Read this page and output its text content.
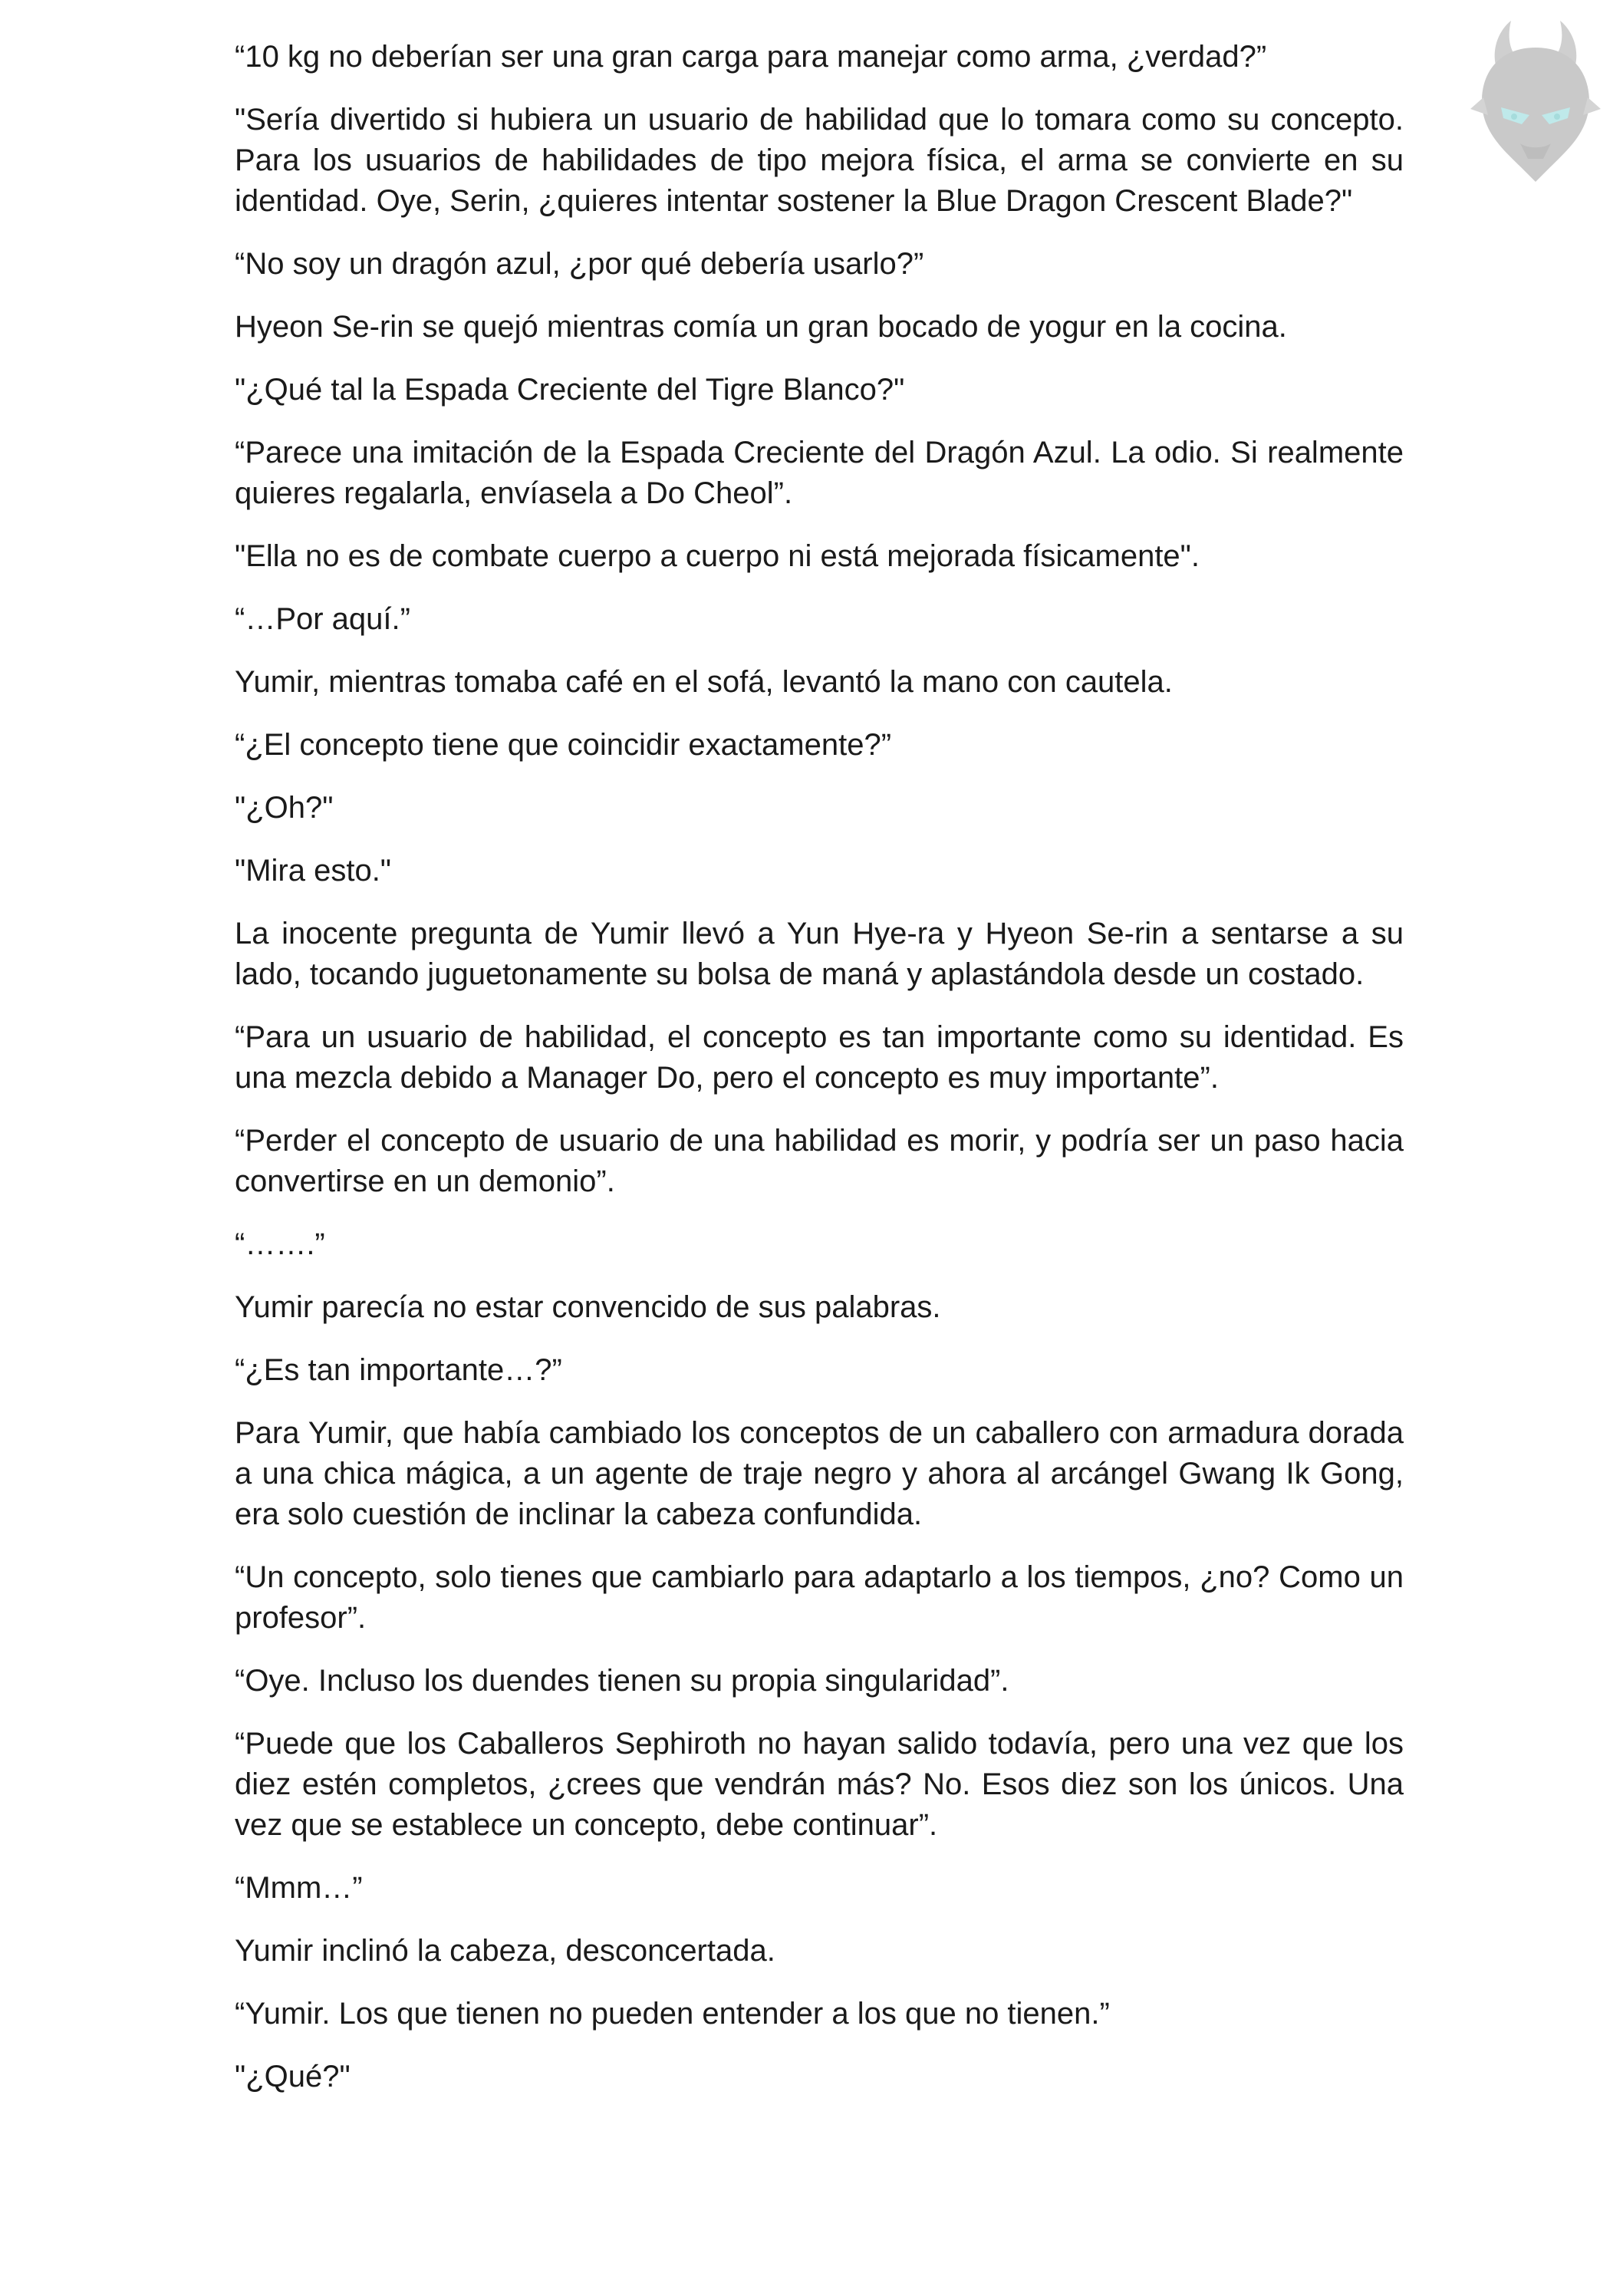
“10 kg no deberían ser una gran carga para manejar como arma, ¿verdad?”

"Sería divertido si hubiera un usuario de habilidad que lo tomara como su concepto. Para los usuarios de habilidades de tipo mejora física, el arma se convierte en su identidad. Oye, Serin, ¿quieres intentar sostener la Blue Dragon Crescent Blade?"

“No soy un dragón azul, ¿por qué debería usarlo?”

Hyeon Se-rin se quejó mientras comía un gran bocado de yogur en la cocina.

"¿Qué tal la Espada Creciente del Tigre Blanco?"

“Parece una imitación de la Espada Creciente del Dragón Azul. La odio. Si realmente quieres regalarla, envíasela a Do Cheol”.

"Ella no es de combate cuerpo a cuerpo ni está mejorada físicamente".

“…Por aquí.”

Yumir, mientras tomaba café en el sofá, levantó la mano con cautela.

“¿El concepto tiene que coincidir exactamente?”

"¿Oh?"

"Mira esto."

La inocente pregunta de Yumir llevó a Yun Hye-ra y Hyeon Se-rin a sentarse a su lado, tocando juguetonamente su bolsa de maná y aplastándola desde un costado.

“Para un usuario de habilidad, el concepto es tan importante como su identidad. Es una mezcla debido a Manager Do, pero el concepto es muy importante”.

“Perder el concepto de usuario de una habilidad es morir, y podría ser un paso hacia convertirse en un demonio”.

“…….”

Yumir parecía no estar convencido de sus palabras.

“¿Es tan importante…?”

Para Yumir, que había cambiado los conceptos de un caballero con armadura dorada a una chica mágica, a un agente de traje negro y ahora al arcángel Gwang Ik Gong, era solo cuestión de inclinar la cabeza confundida.

“Un concepto, solo tienes que cambiarlo para adaptarlo a los tiempos, ¿no? Como un profesor”.

“Oye. Incluso los duendes tienen su propia singularidad”.

“Puede que los Caballeros Sephiroth no hayan salido todavía, pero una vez que los diez estén completos, ¿crees que vendrán más? No. Esos diez son los únicos. Una vez que se establece un concepto, debe continuar”.

“Mmm…”

Yumir inclinó la cabeza, desconcertada.

“Yumir. Los que tienen no pueden entender a los que no tienen.”

"¿Qué?"
